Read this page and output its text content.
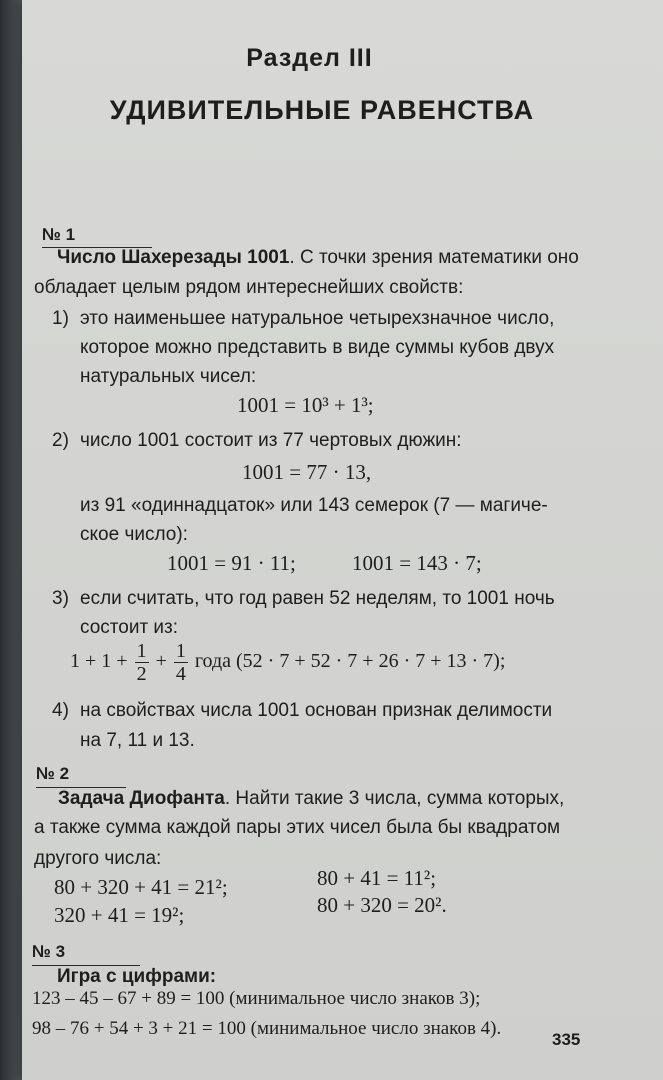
Раздел III
УДИВИТЕЛЬНЫЕ РАВЕНСТВА
№ 1
Число Шахерезады 1001. С точки зрения математики оно
обладает целым рядом интереснейших свойств:
1) это наименьшее натуральное четырехзначное число,
которое можно представить в виде суммы кубов двух
натуральных чисел:
1001 = 10³ + 1³;
2) число 1001 состоит из 77 чертовых дюжин:
1001 = 77 · 13,
из 91 «одиннадцаток» или 143 семерок (7 — магиче-
ское число):
1001 = 91 · 11;	1001 = 143 · 7;
3) если считать, что год равен 52 неделям, то 1001 ночь
состоит из:
$1 + 1 + \frac{1}{2} + \frac{1}{4}$ года (52 · 7 + 52 · 7 + 26 · 7 + 13 · 7);
4) на свойствах числа 1001 основан признак делимости
на 7, 11 и 13.
№ 2
Задача Диофанта. Найти такие 3 числа, сумма которых,
а также сумма каждой пары этих чисел была бы квадратом
другого числа:
80 + 320 + 41 = 21²;
320 + 41 = 19²;
80 + 41 = 11²;
80 + 320 = 20².
№ 3
Игра с цифрами:
123 – 45 – 67 + 89 = 100 (минимальное число знаков 3);
98 – 76 + 54 + 3 + 21 = 100 (минимальное число знаков 4).
335
